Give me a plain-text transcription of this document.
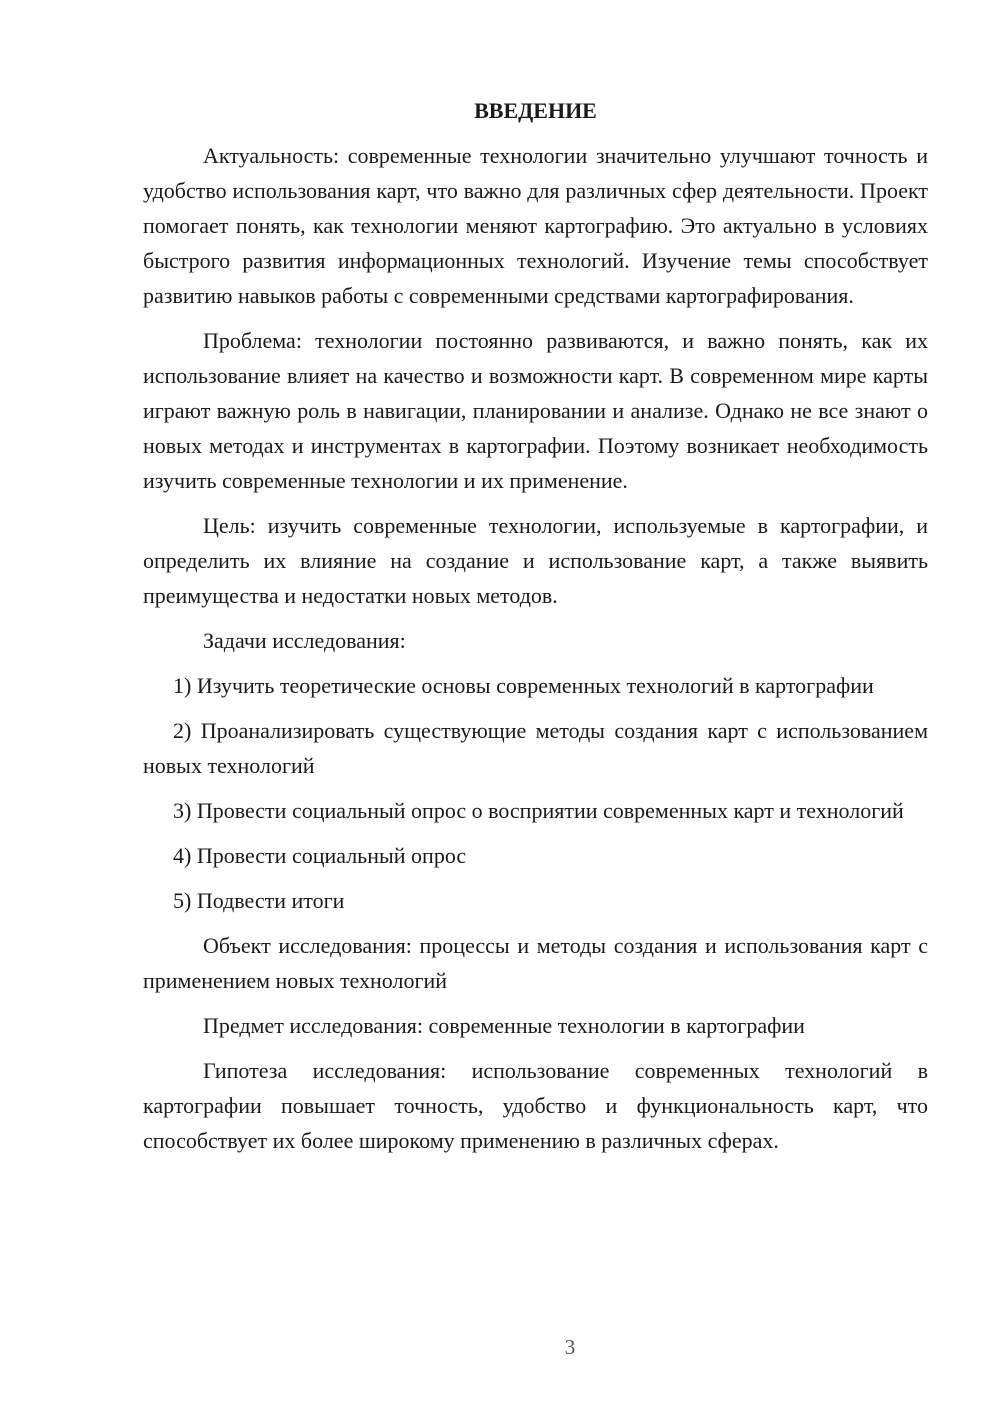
ВВЕДЕНИЕ

Актуальность: современные технологии значительно улучшают точность и удобство использования карт, что важно для различных сфер деятельности. Проект помогает понять, как технологии меняют картографию. Это актуально в условиях быстрого развития информационных технологий. Изучение темы способствует развитию навыков работы с современными средствами картографирования.

Проблема: технологии постоянно развиваются, и важно понять, как их использование влияет на качество и возможности карт. В современном мире карты играют важную роль в навигации, планировании и анализе. Однако не все знают о новых методах и инструментах в картографии. Поэтому возникает необходимость изучить современные технологии и их применение.

Цель: изучить современные технологии, используемые в картографии, и определить их влияние на создание и использование карт, а также выявить преимущества и недостатки новых методов.

Задачи исследования:

1) Изучить теоретические основы современных технологий в картографии

2) Проанализировать существующие методы создания карт с использованием новых технологий

3) Провести социальный опрос о восприятии современных карт и технологий

4) Провести социальный опрос

5) Подвести итоги

Объект исследования: процессы и методы создания и использования карт с применением новых технологий

Предмет исследования: современные технологии в картографии

Гипотеза исследования: использование современных технологий в картографии повышает точность, удобство и функциональность карт, что способствует их более широкому применению в различных сферах.

3
